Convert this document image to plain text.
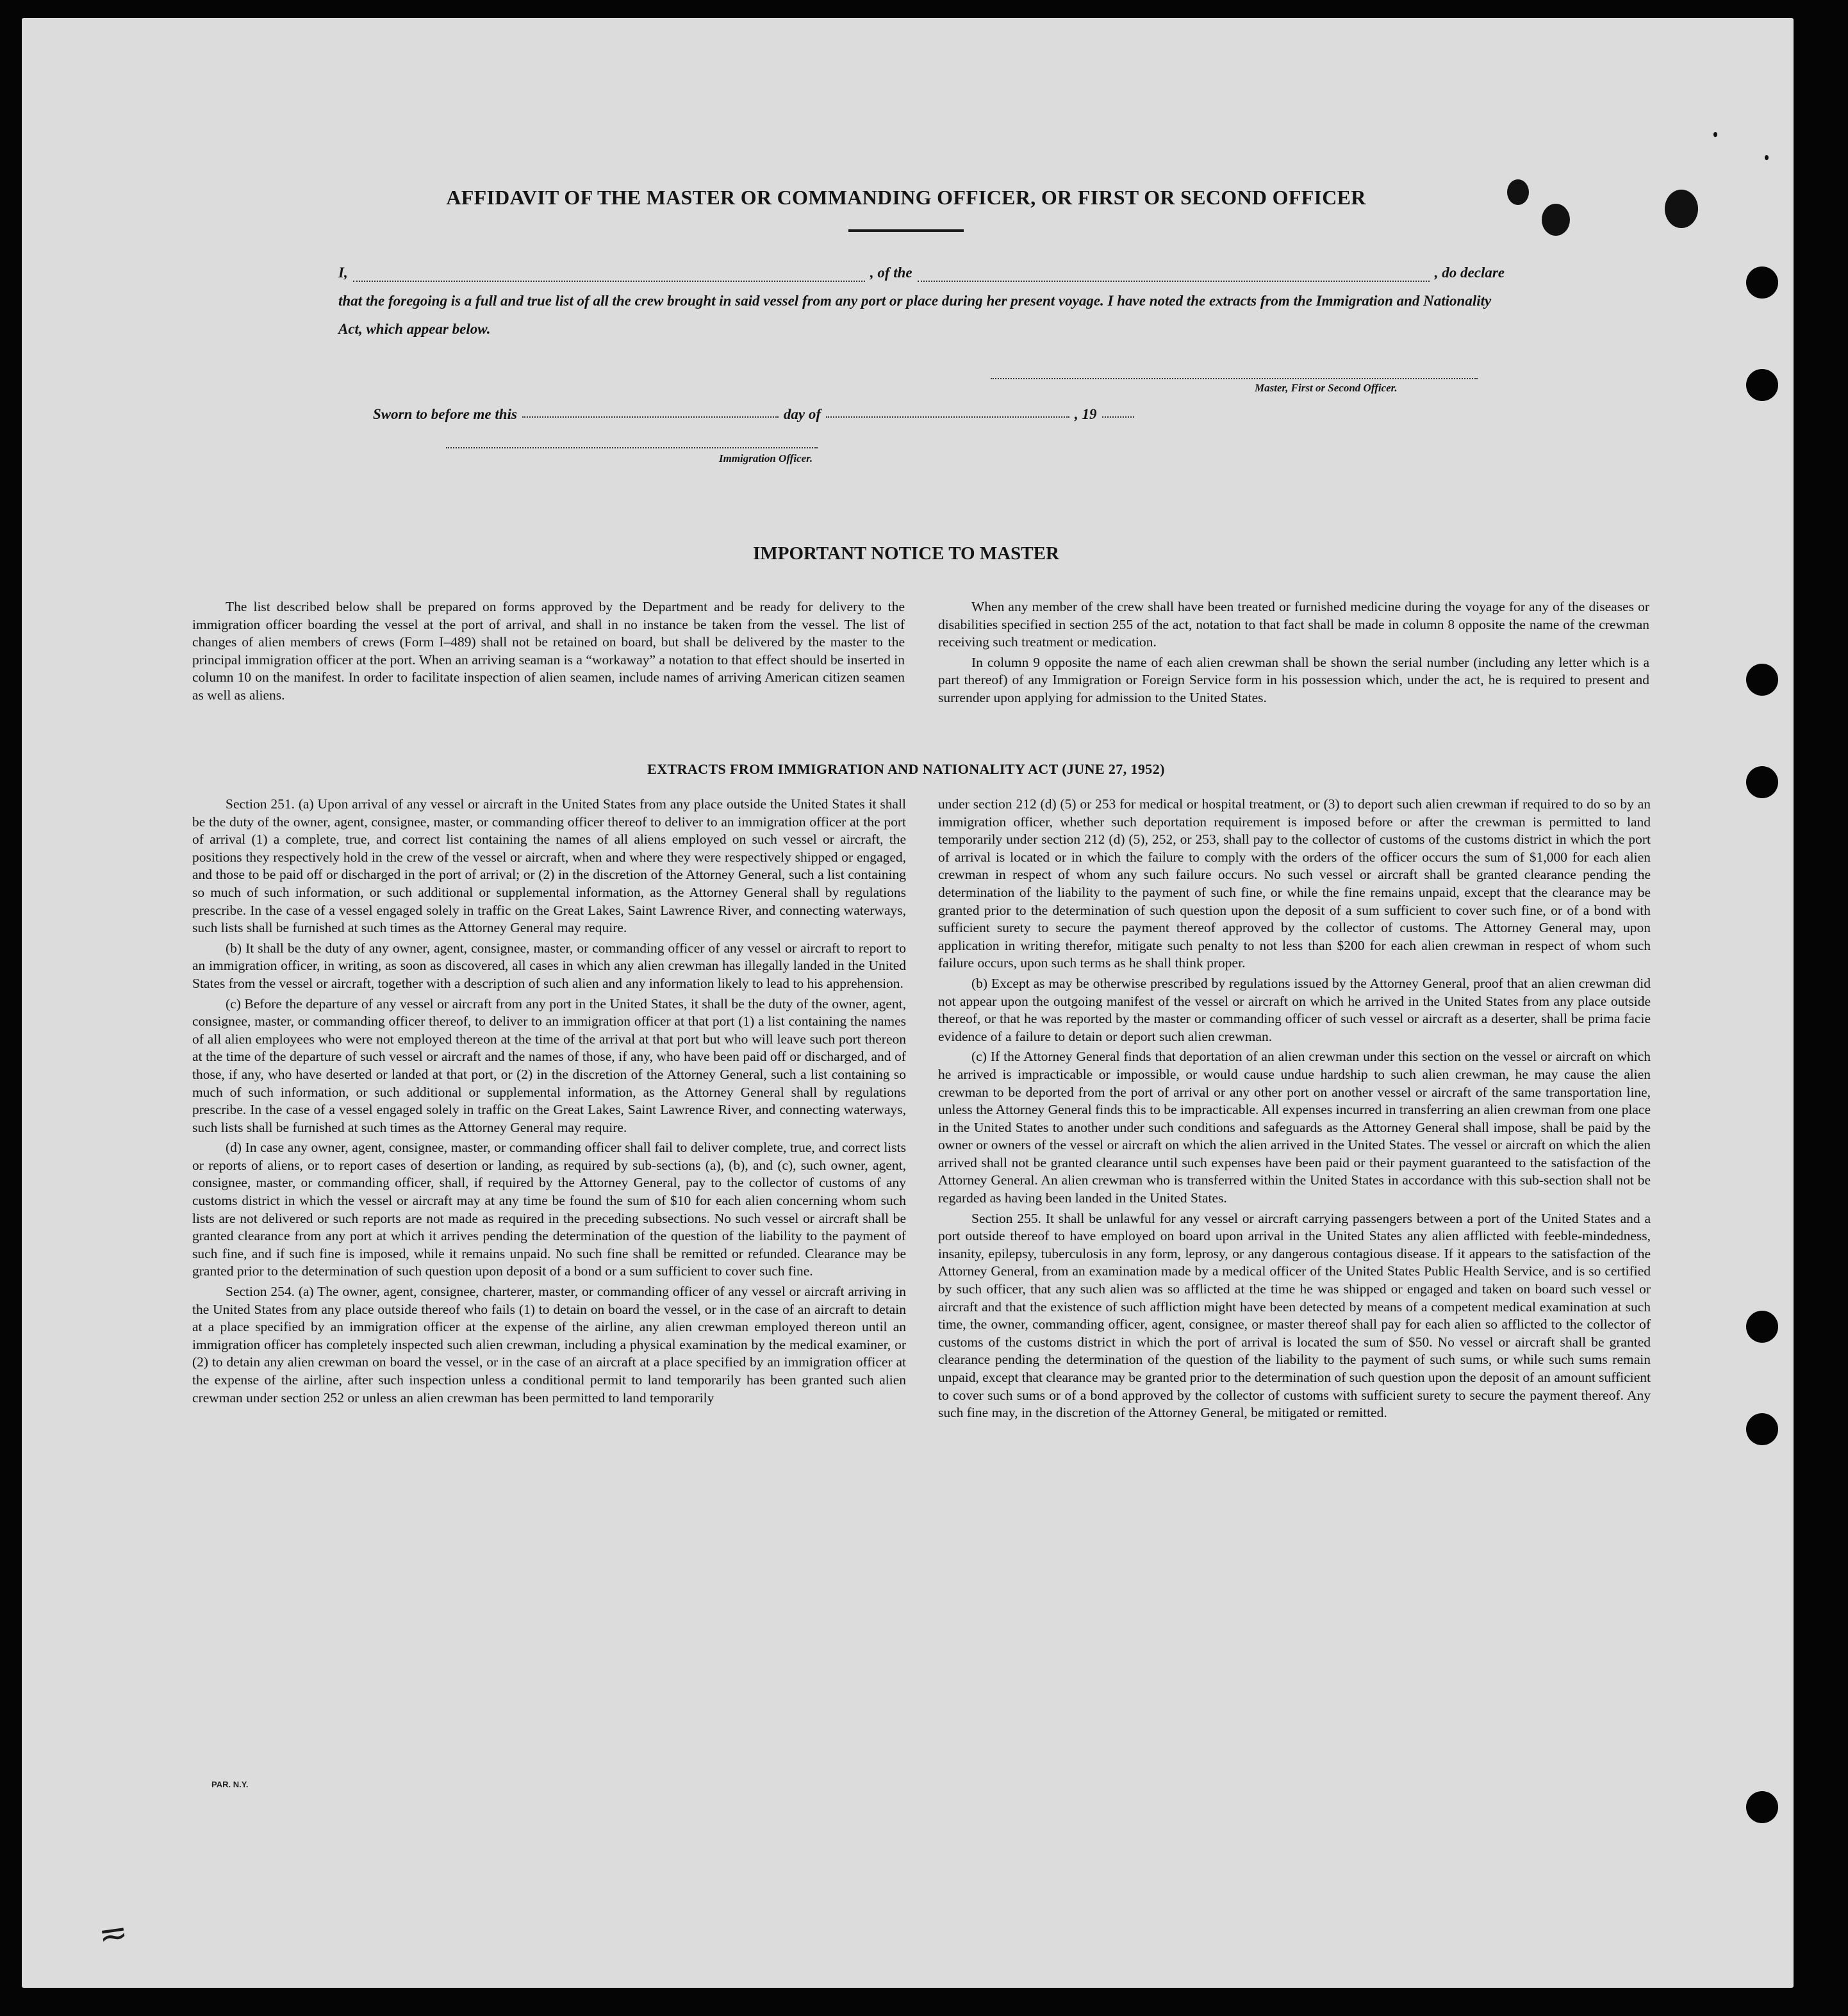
AFFIDAVIT OF THE MASTER OR COMMANDING OFFICER, OR FIRST OR SECOND OFFICER
I,	, of the	, do declare
that the foregoing is a full and true list of all the crew brought in said vessel from any port or place during her present voyage. I have noted the extracts from the Immigration and Nationality Act, which appear below.
Master, First or Second Officer.
Sworn to before me this	day of	, 19
Immigration Officer.
IMPORTANT NOTICE TO MASTER

The list described below shall be prepared on forms approved by the Department and be ready for delivery to the immigration officer boarding the vessel at the port of arrival, and shall in no instance be taken from the vessel. The list of changes of alien members of crews (Form I–489) shall not be retained on board, but shall be delivered by the master to the principal immigration officer at the port. When an arriving seaman is a “workaway” a notation to that effect should be inserted in column 10 on the manifest. In order to facilitate inspection of alien seamen, include names of arriving American citizen seamen as well as aliens.

When any member of the crew shall have been treated or furnished medicine during the voyage for any of the diseases or disabilities specified in section 255 of the act, notation to that fact shall be made in column 8 opposite the name of the crewman receiving such treatment or medication.

In column 9 opposite the name of each alien crewman shall be shown the serial number (including any letter which is a part thereof) of any Immigration or Foreign Service form in his possession which, under the act, he is required to present and surrender upon applying for admission to the United States.

EXTRACTS FROM IMMIGRATION AND NATIONALITY ACT (JUNE 27, 1952)

Section 251. (a) Upon arrival of any vessel or aircraft in the United States from any place outside the United States it shall be the duty of the owner, agent, consignee, master, or commanding officer thereof to deliver to an immigration officer at the port of arrival (1) a complete, true, and correct list containing the names of all aliens employed on such vessel or aircraft, the positions they respectively hold in the crew of the vessel or aircraft, when and where they were respectively shipped or engaged, and those to be paid off or discharged in the port of arrival; or (2) in the discretion of the Attorney General, such a list containing so much of such information, or such additional or supplemental information, as the Attorney General shall by regulations prescribe. In the case of a vessel engaged solely in traffic on the Great Lakes, Saint Lawrence River, and connecting waterways, such lists shall be furnished at such times as the Attorney General may require.

(b) It shall be the duty of any owner, agent, consignee, master, or commanding officer of any vessel or aircraft to report to an immigration officer, in writing, as soon as discovered, all cases in which any alien crewman has illegally landed in the United States from the vessel or aircraft, together with a description of such alien and any information likely to lead to his apprehension.

(c) Before the departure of any vessel or aircraft from any port in the United States, it shall be the duty of the owner, agent, consignee, master, or commanding officer thereof, to deliver to an immigration officer at that port (1) a list containing the names of all alien employees who were not employed thereon at the time of the arrival at that port but who will leave such port thereon at the time of the departure of such vessel or aircraft and the names of those, if any, who have been paid off or discharged, and of those, if any, who have deserted or landed at that port, or (2) in the discretion of the Attorney General, such a list containing so much of such information, or such additional or supplemental information, as the Attorney General shall by regulations prescribe. In the case of a vessel engaged solely in traffic on the Great Lakes, Saint Lawrence River, and connecting waterways, such lists shall be furnished at such times as the Attorney General may require.

(d) In case any owner, agent, consignee, master, or commanding officer shall fail to deliver complete, true, and correct lists or reports of aliens, or to report cases of desertion or landing, as required by sub-sections (a), (b), and (c), such owner, agent, consignee, master, or commanding officer, shall, if required by the Attorney General, pay to the collector of customs of any customs district in which the vessel or aircraft may at any time be found the sum of $10 for each alien concerning whom such lists are not delivered or such reports are not made as required in the preceding subsections. No such vessel or aircraft shall be granted clearance from any port at which it arrives pending the determination of the question of the liability to the payment of such fine, and if such fine is imposed, while it remains unpaid. No such fine shall be remitted or refunded. Clearance may be granted prior to the determination of such question upon deposit of a bond or a sum sufficient to cover such fine.

Section 254. (a) The owner, agent, consignee, charterer, master, or commanding officer of any vessel or aircraft arriving in the United States from any place outside thereof who fails (1) to detain on board the vessel, or in the case of an aircraft to detain at a place specified by an immigration officer at the expense of the airline, any alien crewman employed thereon until an immigration officer has completely inspected such alien crewman, including a physical examination by the medical examiner, or (2) to detain any alien crewman on board the vessel, or in the case of an aircraft at a place specified by an immigration officer at the expense of the airline, after such inspection unless a conditional permit to land temporarily has been granted such alien crewman under section 252 or unless an alien crewman has been permitted to land temporarily

under section 212 (d) (5) or 253 for medical or hospital treatment, or (3) to deport such alien crewman if required to do so by an immigration officer, whether such deportation requirement is imposed before or after the crewman is permitted to land temporarily under section 212 (d) (5), 252, or 253, shall pay to the collector of customs of the customs district in which the port of arrival is located or in which the failure to comply with the orders of the officer occurs the sum of $1,000 for each alien crewman in respect of whom any such failure occurs. No such vessel or aircraft shall be granted clearance pending the determination of the liability to the payment of such fine, or while the fine remains unpaid, except that the clearance may be granted prior to the determination of such question upon the deposit of a sum sufficient to cover such fine, or of a bond with sufficient surety to secure the payment thereof approved by the collector of customs. The Attorney General may, upon application in writing therefor, mitigate such penalty to not less than $200 for each alien crewman in respect of whom such failure occurs, upon such terms as he shall think proper.

(b) Except as may be otherwise prescribed by regulations issued by the Attorney General, proof that an alien crewman did not appear upon the outgoing manifest of the vessel or aircraft on which he arrived in the United States from any place outside thereof, or that he was reported by the master or commanding officer of such vessel or aircraft as a deserter, shall be prima facie evidence of a failure to detain or deport such alien crewman.

(c) If the Attorney General finds that deportation of an alien crewman under this section on the vessel or aircraft on which he arrived is impracticable or impossible, or would cause undue hardship to such alien crewman, he may cause the alien crewman to be deported from the port of arrival or any other port on another vessel or aircraft of the same transportation line, unless the Attorney General finds this to be impracticable. All expenses incurred in transferring an alien crewman from one place in the United States to another under such conditions and safeguards as the Attorney General shall impose, shall be paid by the owner or owners of the vessel or aircraft on which the alien arrived in the United States. The vessel or aircraft on which the alien arrived shall not be granted clearance until such expenses have been paid or their payment guaranteed to the satisfaction of the Attorney General. An alien crewman who is transferred within the United States in accordance with this sub-section shall not be regarded as having been landed in the United States.

Section 255. It shall be unlawful for any vessel or aircraft carrying passengers between a port of the United States and a port outside thereof to have employed on board upon arrival in the United States any alien afflicted with feeble-mindedness, insanity, epilepsy, tuberculosis in any form, leprosy, or any dangerous contagious disease. If it appears to the satisfaction of the Attorney General, from an examination made by a medical officer of the United States Public Health Service, and is so certified by such officer, that any such alien was so afflicted at the time he was shipped or engaged and taken on board such vessel or aircraft and that the existence of such affliction might have been detected by means of a competent medical examination at such time, the owner, commanding officer, agent, consignee, or master thereof shall pay for each alien so afflicted to the collector of customs of the customs district in which the port of arrival is located the sum of $50. No vessel or aircraft shall be granted clearance pending the determination of the question of the liability to the payment of such sums, or while such sums remain unpaid, except that clearance may be granted prior to the determination of such question upon the deposit of an amount sufficient to cover such sums or of a bond approved by the collector of customs with sufficient surety to secure the payment thereof. Any such fine may, in the discretion of the Attorney General, be mitigated or remitted.

PAR. N.Y.
≂
